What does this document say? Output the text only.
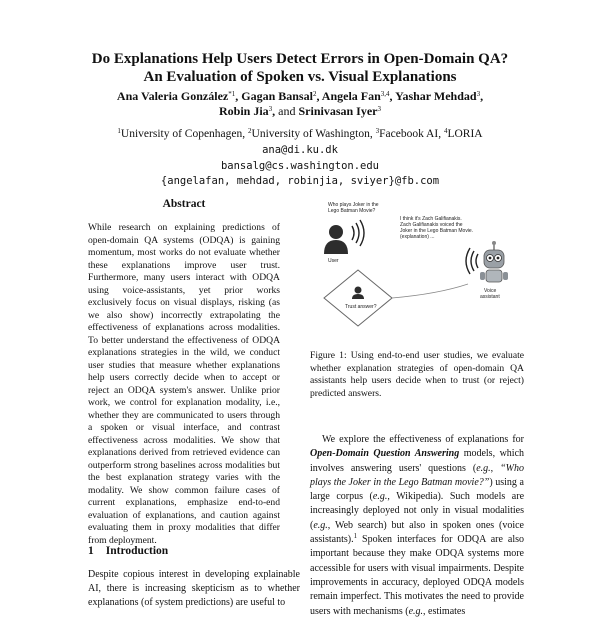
Do Explanations Help Users Detect Errors in Open-Domain QA?
An Evaluation of Spoken vs. Visual Explanations
Ana Valeria González$^{*1}$, Gagan Bansal$^2$, Angela Fan$^{3,4}$, Yashar Mehdad$^3$,
Robin Jia$^3$, and Srinivasan Iyer$^3$
$^1$University of Copenhagen, $^2$University of Washington, $^3$Facebook AI, $^4$LORIA
ana@di.ku.dk
bansalg@cs.washington.edu
{angelafan, mehdad, robinjia, sviyer}@fb.com
Abstract
While research on explaining predictions of open-domain QA systems (ODQA) is gaining momentum, most works do not evaluate whether these explanations improve user trust. Furthermore, many users interact with ODQA using voice-assistants, yet prior works exclusively focus on visual displays, risking (as we also show) incorrectly extrapolating the effectiveness of explanations across modalities. To better understand the effectiveness of ODQA explanations strategies in the wild, we conduct user studies that measure whether explanations help users correctly decide when to accept or reject an ODQA system's answer. Unlike prior work, we control for explanation modality, i.e., whether they are communicated to users through a spoken or visual interface, and contrast effectiveness across modalities. We show that explanations derived from retrieved evidence can outperform strong baselines across modalities but the best explanation strategy varies with the modality. We show common failure cases of current explanations, emphasize end-to-end evaluation of explanations, and caution against evaluating them in proxy modalities that differ from deployment.
1 Introduction
Despite copious interest in developing explainable AI, there is increasing skepticism as to whether explanations (of system predictions) are useful to
Who plays Joker in the
Lego Batman Movie?
User
I think it's Zach Galifianakis.
Zach Galifianakis voiced the
Joker in the Lego Batman Movie.
(explanation) ...
Voice
assistant
Trust answer?
Figure 1: Using end-to-end user studies, we evaluate whether explanation strategies of open-domain QA assistants help users decide when to trust (or reject) predicted answers.

We explore the effectiveness of explanations for Open-Domain Question Answering models, which involves answering users' questions (e.g., “Who plays the Joker in the Lego Batman movie?”) using a large corpus (e.g., Wikipedia). Such models are increasingly deployed not only in visual modalities (e.g., Web search) but also in spoken ones (voice assistants).$^1$ Spoken interfaces for ODQA are also important because they make ODQA systems more accessible for users with visual impairments. Despite improvements in accuracy, deployed ODQA models remain imperfect. This motivates the need to provide users with mechanisms (e.g., estimates
